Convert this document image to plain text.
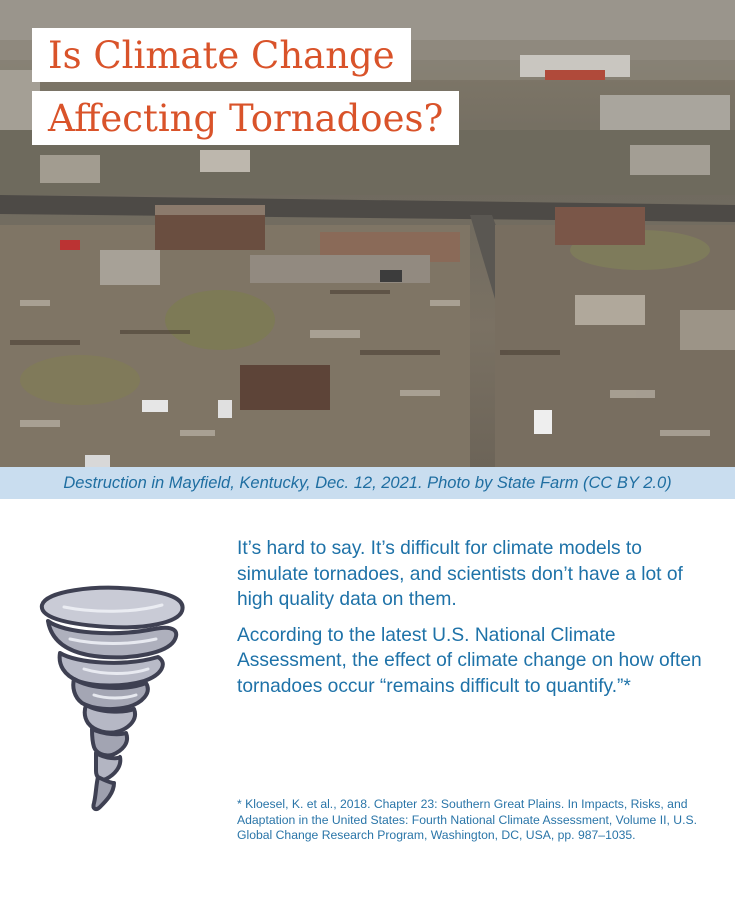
Is Climate Change
Affecting Tornadoes?
Destruction in Mayfield, Kentucky, Dec. 12, 2021. Photo by State Farm (CC BY 2.0)

It’s hard to say. It’s difficult for climate models to simulate tornadoes, and scientists don’t have a lot of high quality data on them.

According to the latest U.S. National Climate Assessment, the effect of climate change on how often tornadoes occur “remains difficult to quantify.”*

* Kloesel, K. et al., 2018. Chapter 23: Southern Great Plains. In Impacts, Risks, and Adaptation in the United States: Fourth National Climate Assessment, Volume II, U.S. Global Change Research Program, Washington, DC, USA, pp. 987–1035.
